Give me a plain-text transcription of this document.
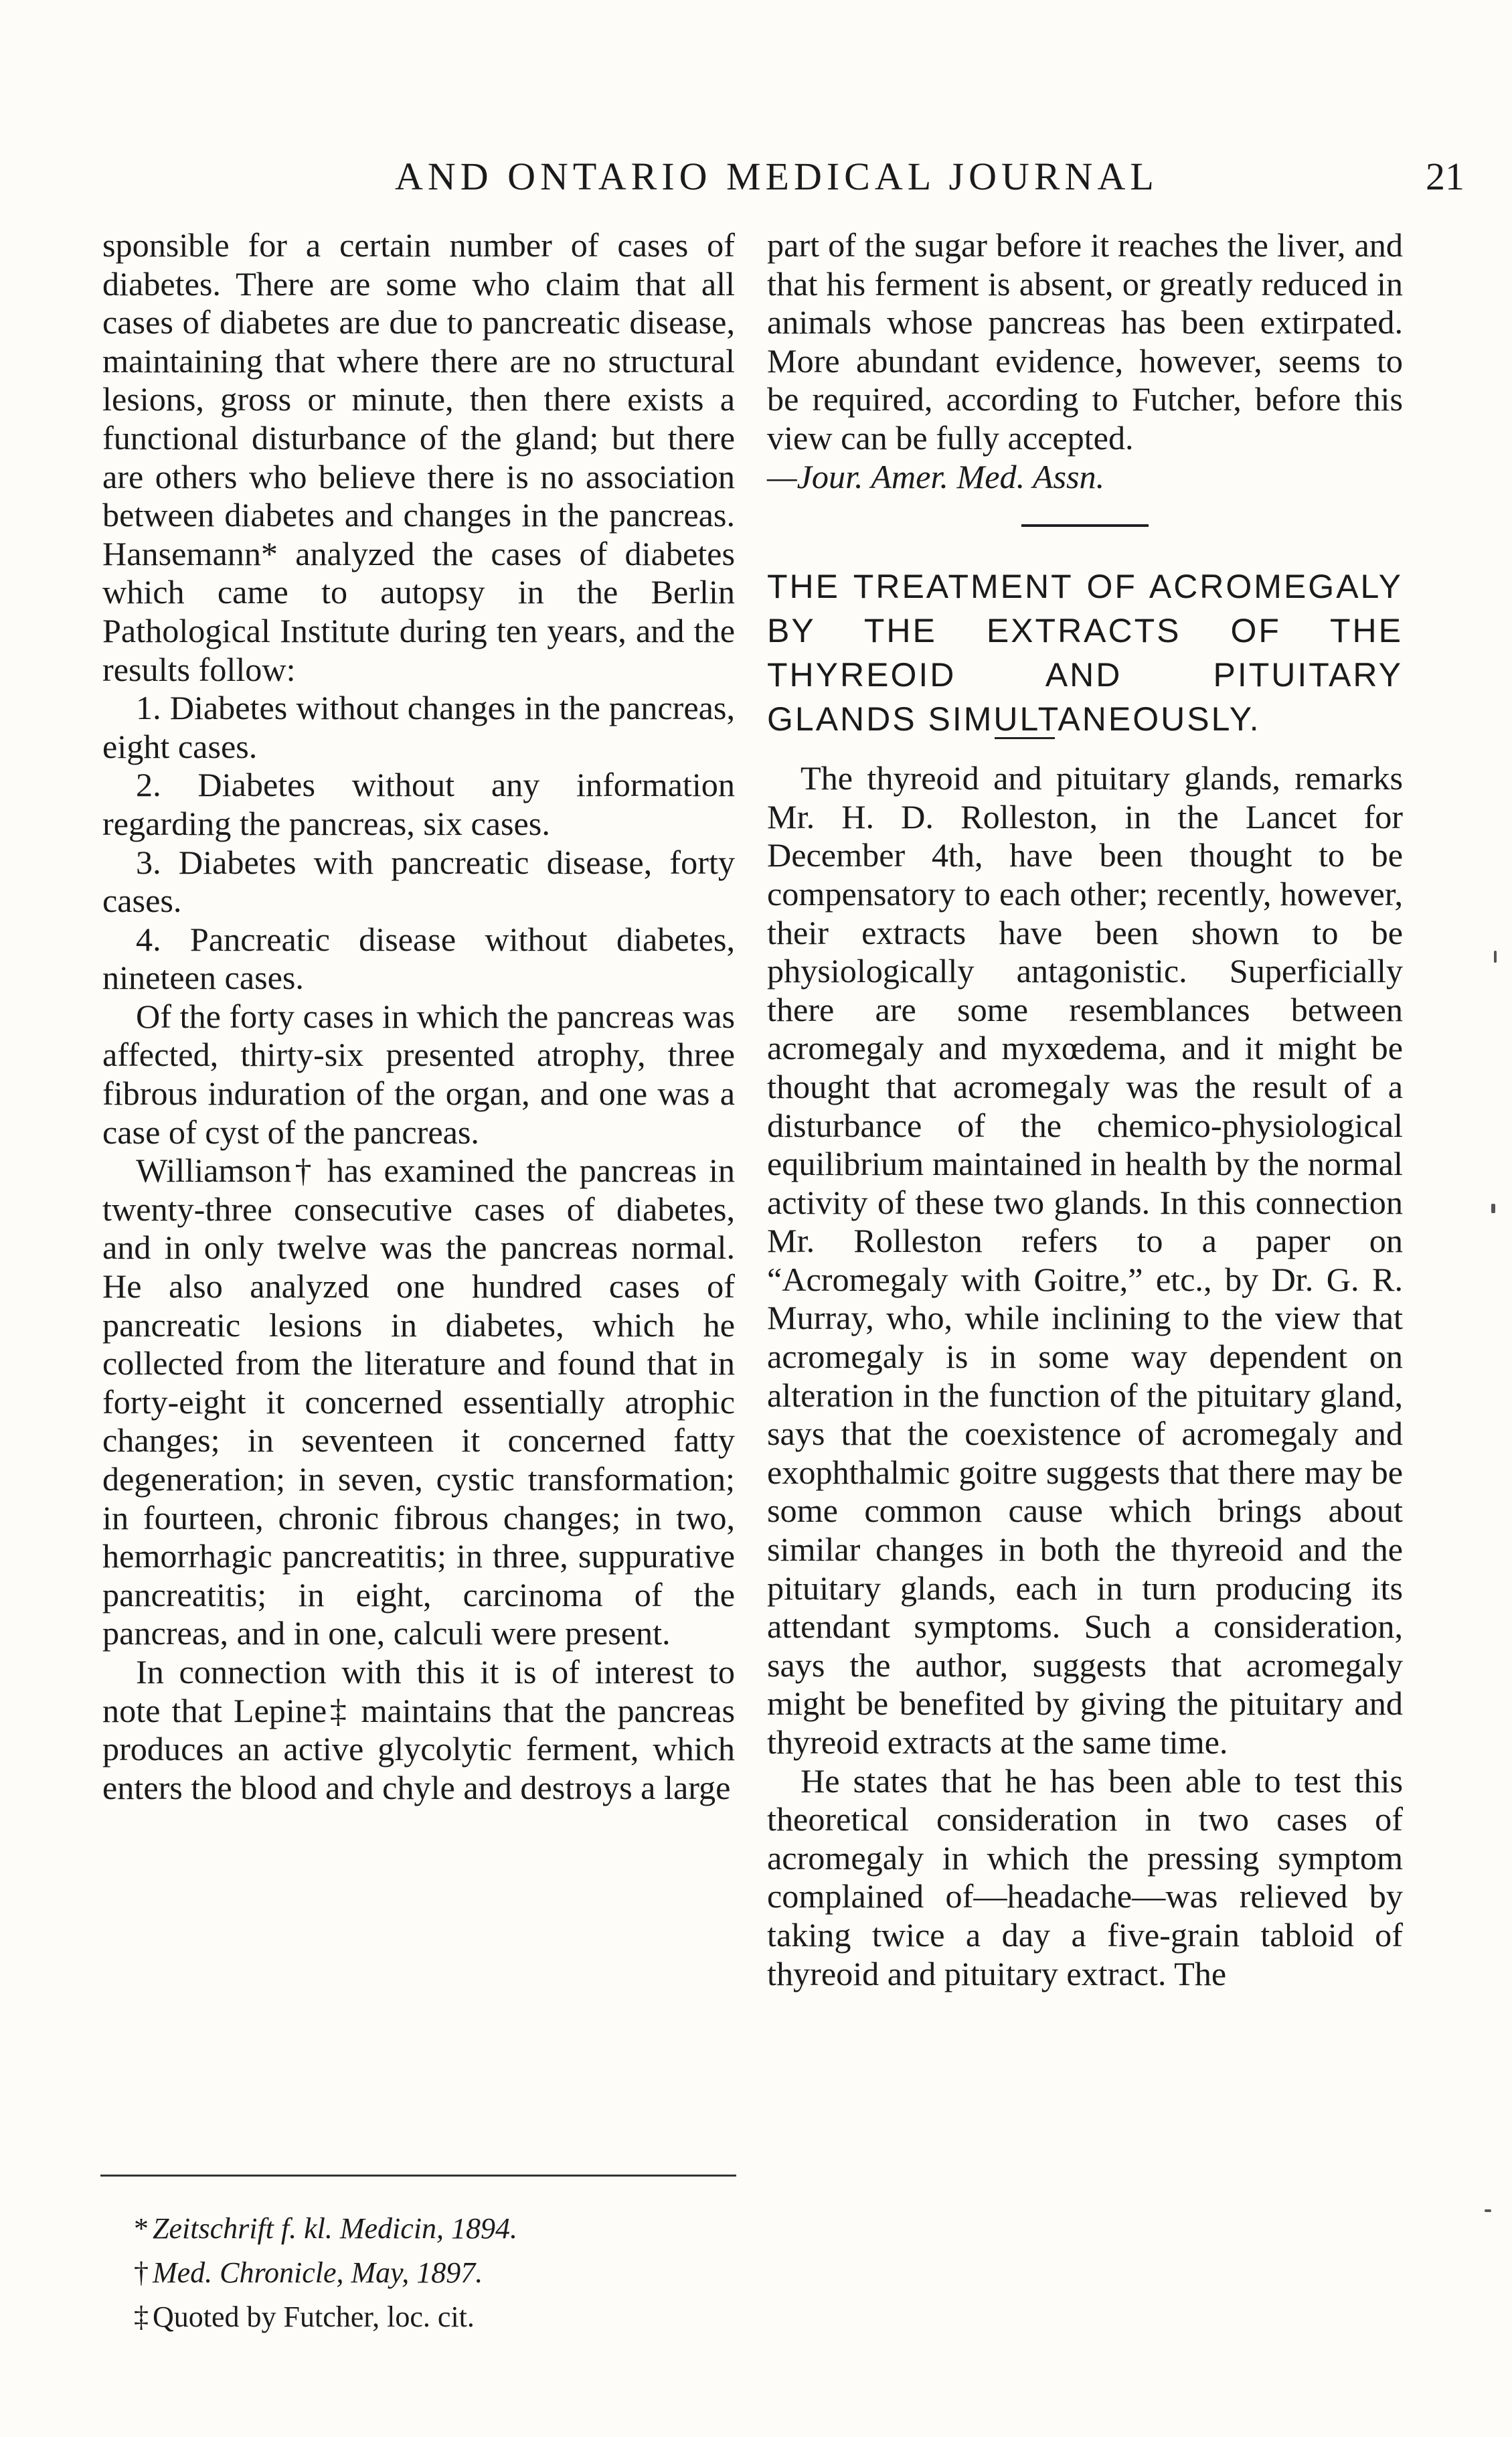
AND ONTARIO MEDICAL JOURNAL	21

sponsible for a certain number of cases of diabetes. There are some who claim that all cases of diabetes are due to pancreatic disease, maintaining that where there are no structural lesions, gross or minute, then there exists a functional disturbance of the gland; but there are others who believe there is no association between diabetes and changes in the pancreas. Hansemann* analyzed the cases of diabetes which came to autopsy in the Berlin Pathological Institute during ten years, and the results follow:

1. Diabetes without changes in the pancreas, eight cases.

2. Diabetes without any information regarding the pancreas, six cases.

3. Diabetes with pancreatic disease, forty cases.

4. Pancreatic disease without diabetes, nineteen cases.

Of the forty cases in which the pancreas was affected, thirty-six presented atrophy, three fibrous induration of the organ, and one was a case of cyst of the pancreas.

Williamson† has examined the pancreas in twenty-three consecutive cases of diabetes, and in only twelve was the pancreas normal. He also analyzed one hundred cases of pancreatic lesions in diabetes, which he collected from the literature and found that in forty-eight it concerned essentially atrophic changes; in seventeen it concerned fatty degeneration; in seven, cystic transformation; in fourteen, chronic fibrous changes; in two, hemorrhagic pancreatitis; in three, suppurative pancreatitis; in eight, carcinoma of the pancreas, and in one, calculi were present.

In connection with this it is of interest to note that Lepine‡ maintains that the pancreas produces an active glycolytic ferment, which enters the blood and chyle and destroys a large

part of the sugar before it reaches the liver, and that his ferment is absent, or greatly reduced in animals whose pancreas has been extirpated. More abundant evidence, however, seems to be required, according to Futcher, before this view can be fully accepted.

—Jour. Amer. Med. Assn.

THE TREATMENT OF ACROMEGALY BY THE EXTRACTS OF THE THYREOID AND PITUITARY GLANDS SIMULTANEOUSLY.

The thyreoid and pituitary glands, remarks Mr. H. D. Rolleston, in the Lancet for December 4th, have been thought to be compensatory to each other; recently, however, their extracts have been shown to be physiologically antagonistic. Superficially there are some resemblances between acromegaly and myxœdema, and it might be thought that acromegaly was the result of a disturbance of the chemico-physiological equilibrium maintained in health by the normal activity of these two glands. In this connection Mr. Rolleston refers to a paper on “Acromegaly with Goitre,” etc., by Dr. G. R. Murray, who, while inclining to the view that acromegaly is in some way dependent on alteration in the function of the pituitary gland, says that the coexistence of acromegaly and exophthalmic goitre suggests that there may be some common cause which brings about similar changes in both the thyreoid and the pituitary glands, each in turn producing its attendant symptoms. Such a consideration, says the author, suggests that acromegaly might be benefited by giving the pituitary and thyreoid extracts at the same time.

He states that he has been able to test this theoretical consideration in two cases of acromegaly in which the pressing symptom complained of—headache—was relieved by taking twice a day a five-grain tabloid of thyreoid and pituitary extract. The

* Zeitschrift f. kl. Medicin, 1894.
† Med. Chronicle, May, 1897.
‡ Quoted by Futcher, loc. cit.
